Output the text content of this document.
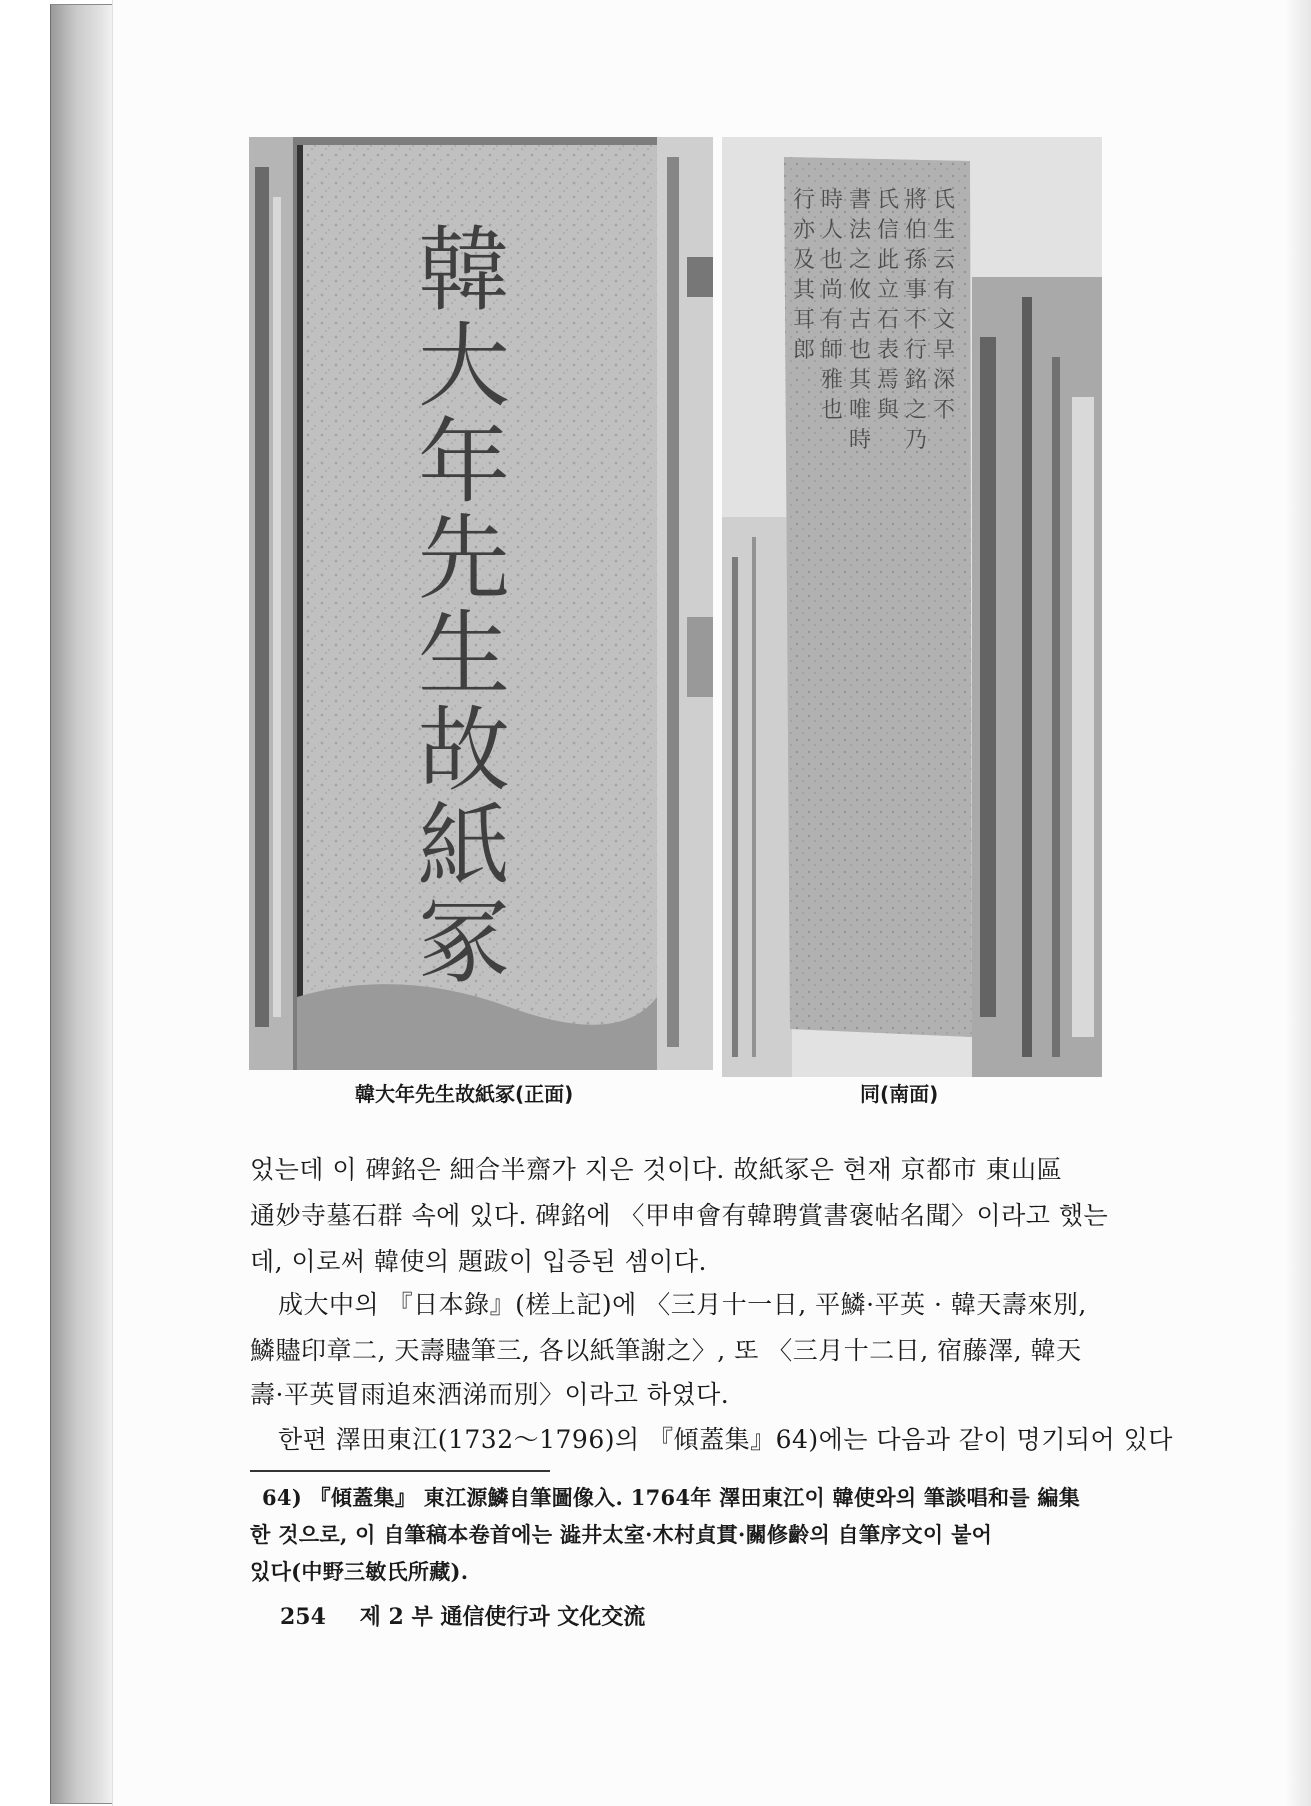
韓
大
年
先
生
故
紙
冢
氏
生
云
有
文
早
深
不
將
伯
孫
事
不
行
銘
之
乃
氏
信
此
立
石
表
焉
與
書
法
之
攸
古
也
其
唯
時
時
人
也
尚
有
師
雅
也
行
亦
及
其
耳
郎
韓大年先生故紙冢(正面)	同(南面)
었는데 이 碑銘은 細合半齋가 지은 것이다. 故紙冢은 현재 京都市 東山區
通妙寺墓石群 속에 있다. 碑銘에 〈甲申會有韓聘賞書褒帖名聞〉이라고 했는
데, 이로써 韓使의 題跋이 입증된 셈이다.
成大中의 『日本錄』(槎上記)에 〈三月十一日, 平鱗·平英 · 韓天壽來別,
鱗贐印章二, 天壽贐筆三, 各以紙筆謝之〉, 또 〈三月十二日, 宿藤澤, 韓天
壽·平英冒雨追來洒涕而別〉이라고 하였다.
한편 澤田東江(1732～1796)의 『傾蓋集』64)에는 다음과 같이 명기되어 있다
64) 『傾蓋集』 東江源鱗自筆圖像入. 1764年 澤田東江이 韓使와의 筆談唱和를 編集
한 것으로, 이 自筆稿本卷首에는 澁井太室·木村貞貫·關修齡의 自筆序文이 붙어
있다(中野三敏氏所藏).
254 제 2 부 通信使行과 文化交流
